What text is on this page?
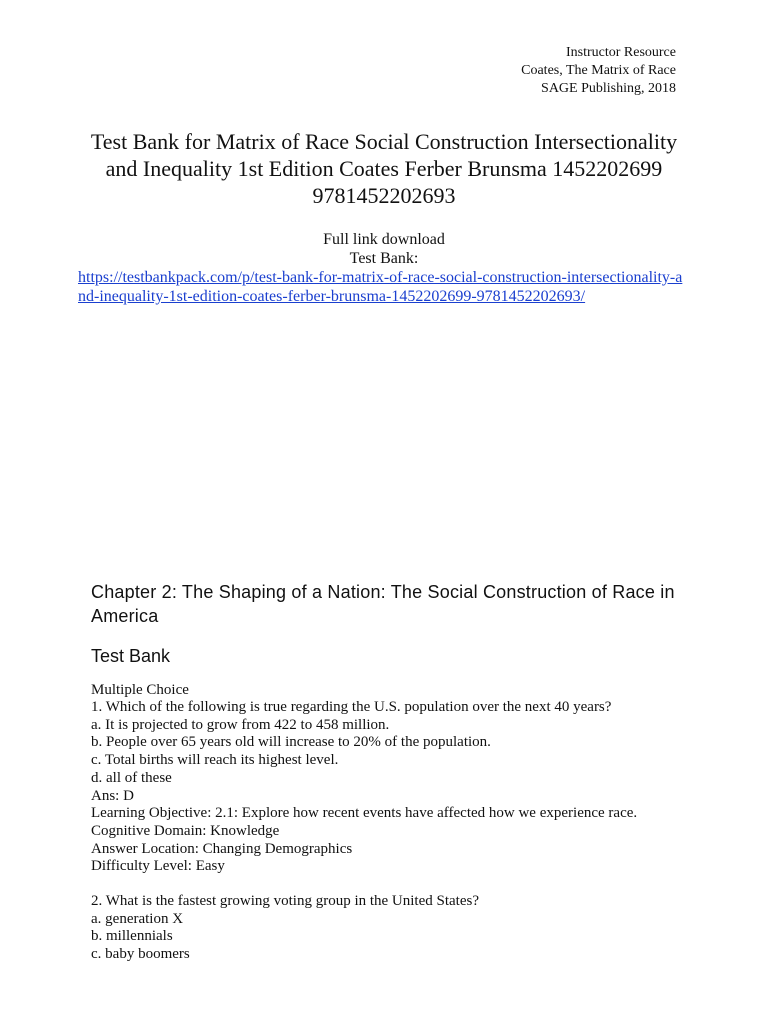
Instructor Resource
Coates, The Matrix of Race
SAGE Publishing, 2018
Test Bank for Matrix of Race Social Construction Intersectionality and Inequality 1st Edition Coates Ferber Brunsma 1452202699 9781452202693
Full link download
Test Bank:
https://testbankpack.com/p/test-bank-for-matrix-of-race-social-construction-intersectionality-and-inequality-1st-edition-coates-ferber-brunsma-1452202699-9781452202693/
Chapter 2: The Shaping of a Nation: The Social Construction of Race in America
Test Bank
Multiple Choice
1. Which of the following is true regarding the U.S. population over the next 40 years?
a. It is projected to grow from 422 to 458 million.
b. People over 65 years old will increase to 20% of the population.
c. Total births will reach its highest level.
d. all of these
Ans: D
Learning Objective: 2.1: Explore how recent events have affected how we experience race.
Cognitive Domain: Knowledge
Answer Location: Changing Demographics
Difficulty Level: Easy
2. What is the fastest growing voting group in the United States?
a. generation X
b. millennials
c. baby boomers
